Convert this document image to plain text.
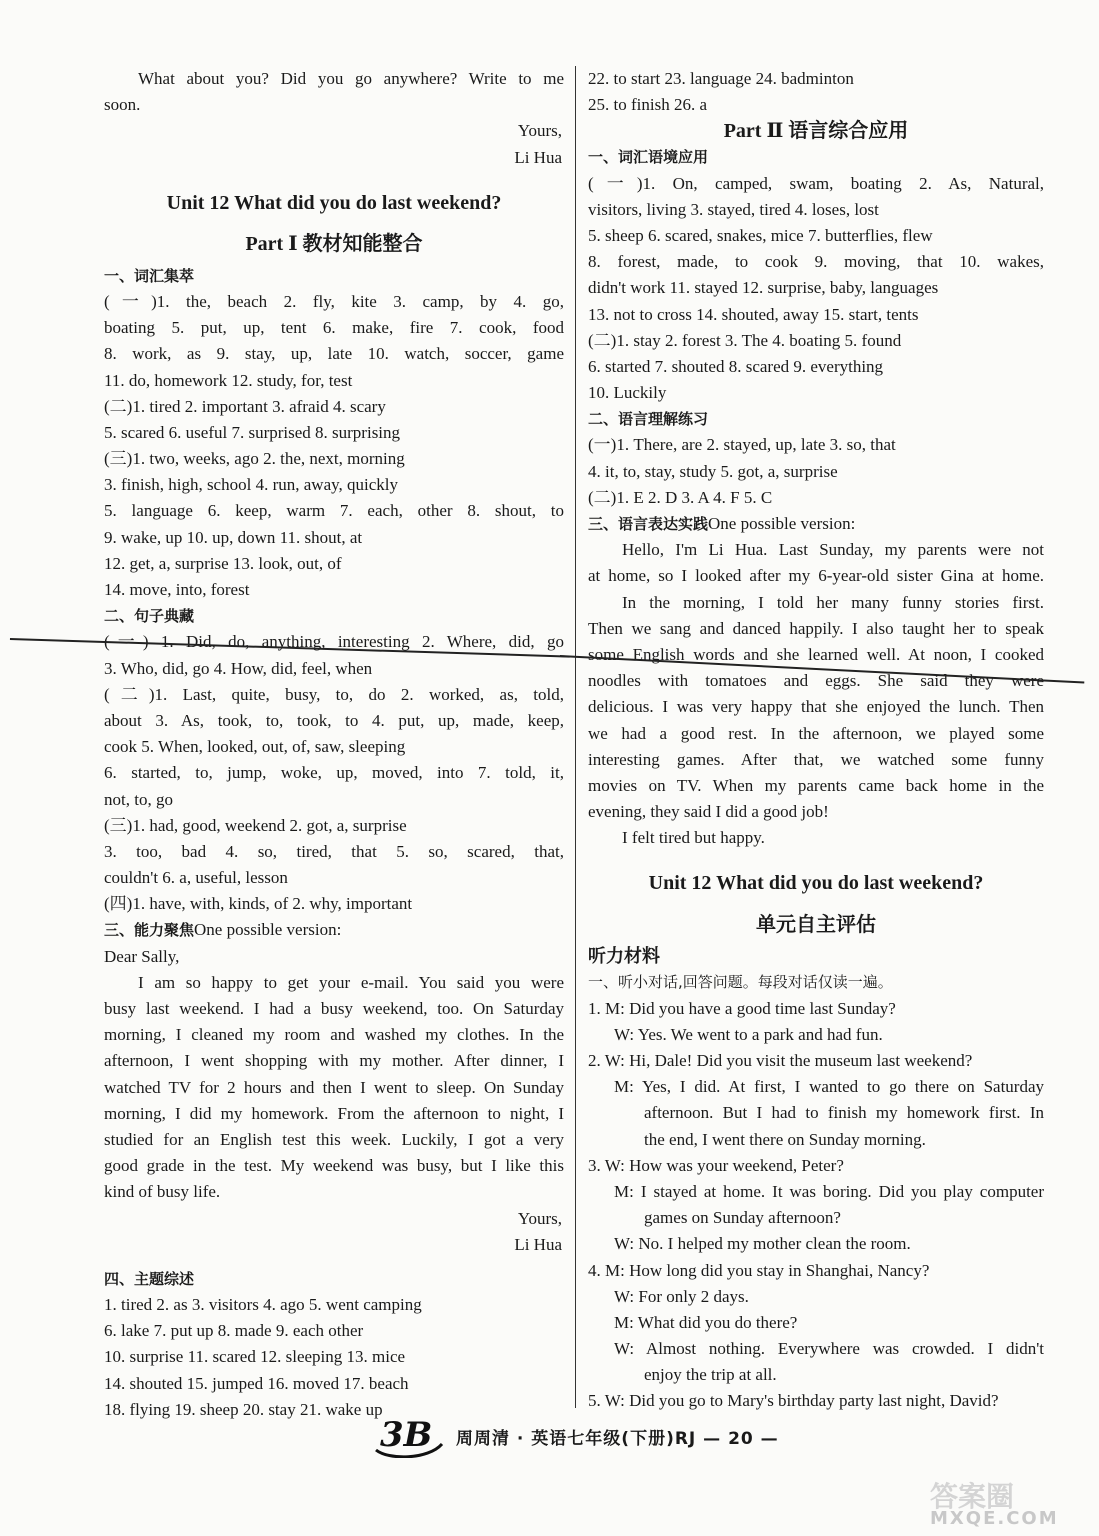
What about you? Did you go anywhere? Write to me
soon.
Yours,
Li Hua
Unit 12 What did you do last weekend?
Part Ⅰ 教材知能整合
一、词汇集萃
(一)1. the, beach 2. fly, kite 3. camp, by 4. go,
boating 5. put, up, tent 6. make, fire 7. cook, food
8. work, as 9. stay, up, late 10. watch, soccer, game
11. do, homework 12. study, for, test
(二)1. tired 2. important 3. afraid 4. scary
5. scared 6. useful 7. surprised 8. surprising
(三)1. two, weeks, ago 2. the, next, morning
3. finish, high, school 4. run, away, quickly
5. language 6. keep, warm 7. each, other 8. shout, to
9. wake, up 10. up, down 11. shout, at
12. get, a, surprise 13. look, out, of
14. move, into, forest
二、句子典藏
(一) 1. Did, do, anything, interesting 2. Where, did, go
3. Who, did, go 4. How, did, feel, when
(二)1. Last, quite, busy, to, do 2. worked, as, told,
about 3. As, took, to, took, to 4. put, up, made, keep,
cook 5. When, looked, out, of, saw, sleeping
6. started, to, jump, woke, up, moved, into 7. told, it,
not, to, go
(三)1. had, good, weekend 2. got, a, surprise
3. too, bad 4. so, tired, that 5. so, scared, that,
couldn't 6. a, useful, lesson
(四)1. have, with, kinds, of 2. why, important
三、能力聚焦One possible version:
Dear Sally,
I am so happy to get your e-mail. You said you were
busy last weekend. I had a busy weekend, too. On Saturday
morning, I cleaned my room and washed my clothes. In the
afternoon, I went shopping with my mother. After dinner, I
watched TV for 2 hours and then I went to sleep. On Sunday
morning, I did my homework. From the afternoon to night, I
studied for an English test this week. Luckily, I got a very
good grade in the test. My weekend was busy, but I like this
kind of busy life.
Yours,
Li Hua
四、主题综述
1. tired 2. as 3. visitors 4. ago 5. went camping
6. lake 7. put up 8. made 9. each other
10. surprise 11. scared 12. sleeping 13. mice
14. shouted 15. jumped 16. moved 17. beach
18. flying 19. sheep 20. stay 21. wake up
22. to start 23. language 24. badminton
25. to finish 26. a
Part Ⅱ 语言综合应用
一、词汇语境应用
(一)1. On, camped, swam, boating 2. As, Natural,
visitors, living 3. stayed, tired 4. loses, lost
5. sheep 6. scared, snakes, mice 7. butterflies, flew
8. forest, made, to cook 9. moving, that 10. wakes,
didn't work 11. stayed 12. surprise, baby, languages
13. not to cross 14. shouted, away 15. start, tents
(二)1. stay 2. forest 3. The 4. boating 5. found
6. started 7. shouted 8. scared 9. everything
10. Luckily
二、语言理解练习
(一)1. There, are 2. stayed, up, late 3. so, that
4. it, to, stay, study 5. got, a, surprise
(二)1. E 2. D 3. A 4. F 5. C
三、语言表达实践One possible version:
Hello, I'm Li Hua. Last Sunday, my parents were not
at home, so I looked after my 6-year-old sister Gina at home.
In the morning, I told her many funny stories first.
Then we sang and danced happily. I also taught her to speak
some English words and she learned well. At noon, I cooked
noodles with tomatoes and eggs. She said they were
delicious. I was very happy that she enjoyed the lunch. Then
we had a good rest. In the afternoon, we played some
interesting games. After that, we watched some funny
movies on TV. When my parents came back home in the
evening, they said I did a good job!
I felt tired but happy.
Unit 12 What did you do last weekend?
单元自主评估
听力材料
一、听小对话,回答问题。每段对话仅读一遍。
1. M: Did you have a good time last Sunday?
W: Yes. We went to a park and had fun.
2. W: Hi, Dale! Did you visit the museum last weekend?
M: Yes, I did. At first, I wanted to go there on Saturday
afternoon. But I had to finish my homework first. In
the end, I went there on Sunday morning.
3. W: How was your weekend, Peter?
M: I stayed at home. It was boring. Did you play computer
games on Sunday afternoon?
W: No. I helped my mother clean the room.
4. M: How long did you stay in Shanghai, Nancy?
W: For only 2 days.
M: What did you do there?
W: Almost nothing. Everywhere was crowded. I didn't
enjoy the trip at all.
5. W: Did you go to Mary's birthday party last night, David?
3B 周周清 · 英语七年级(下册)RJ — 20 —
答案圈
MXQE.COM
